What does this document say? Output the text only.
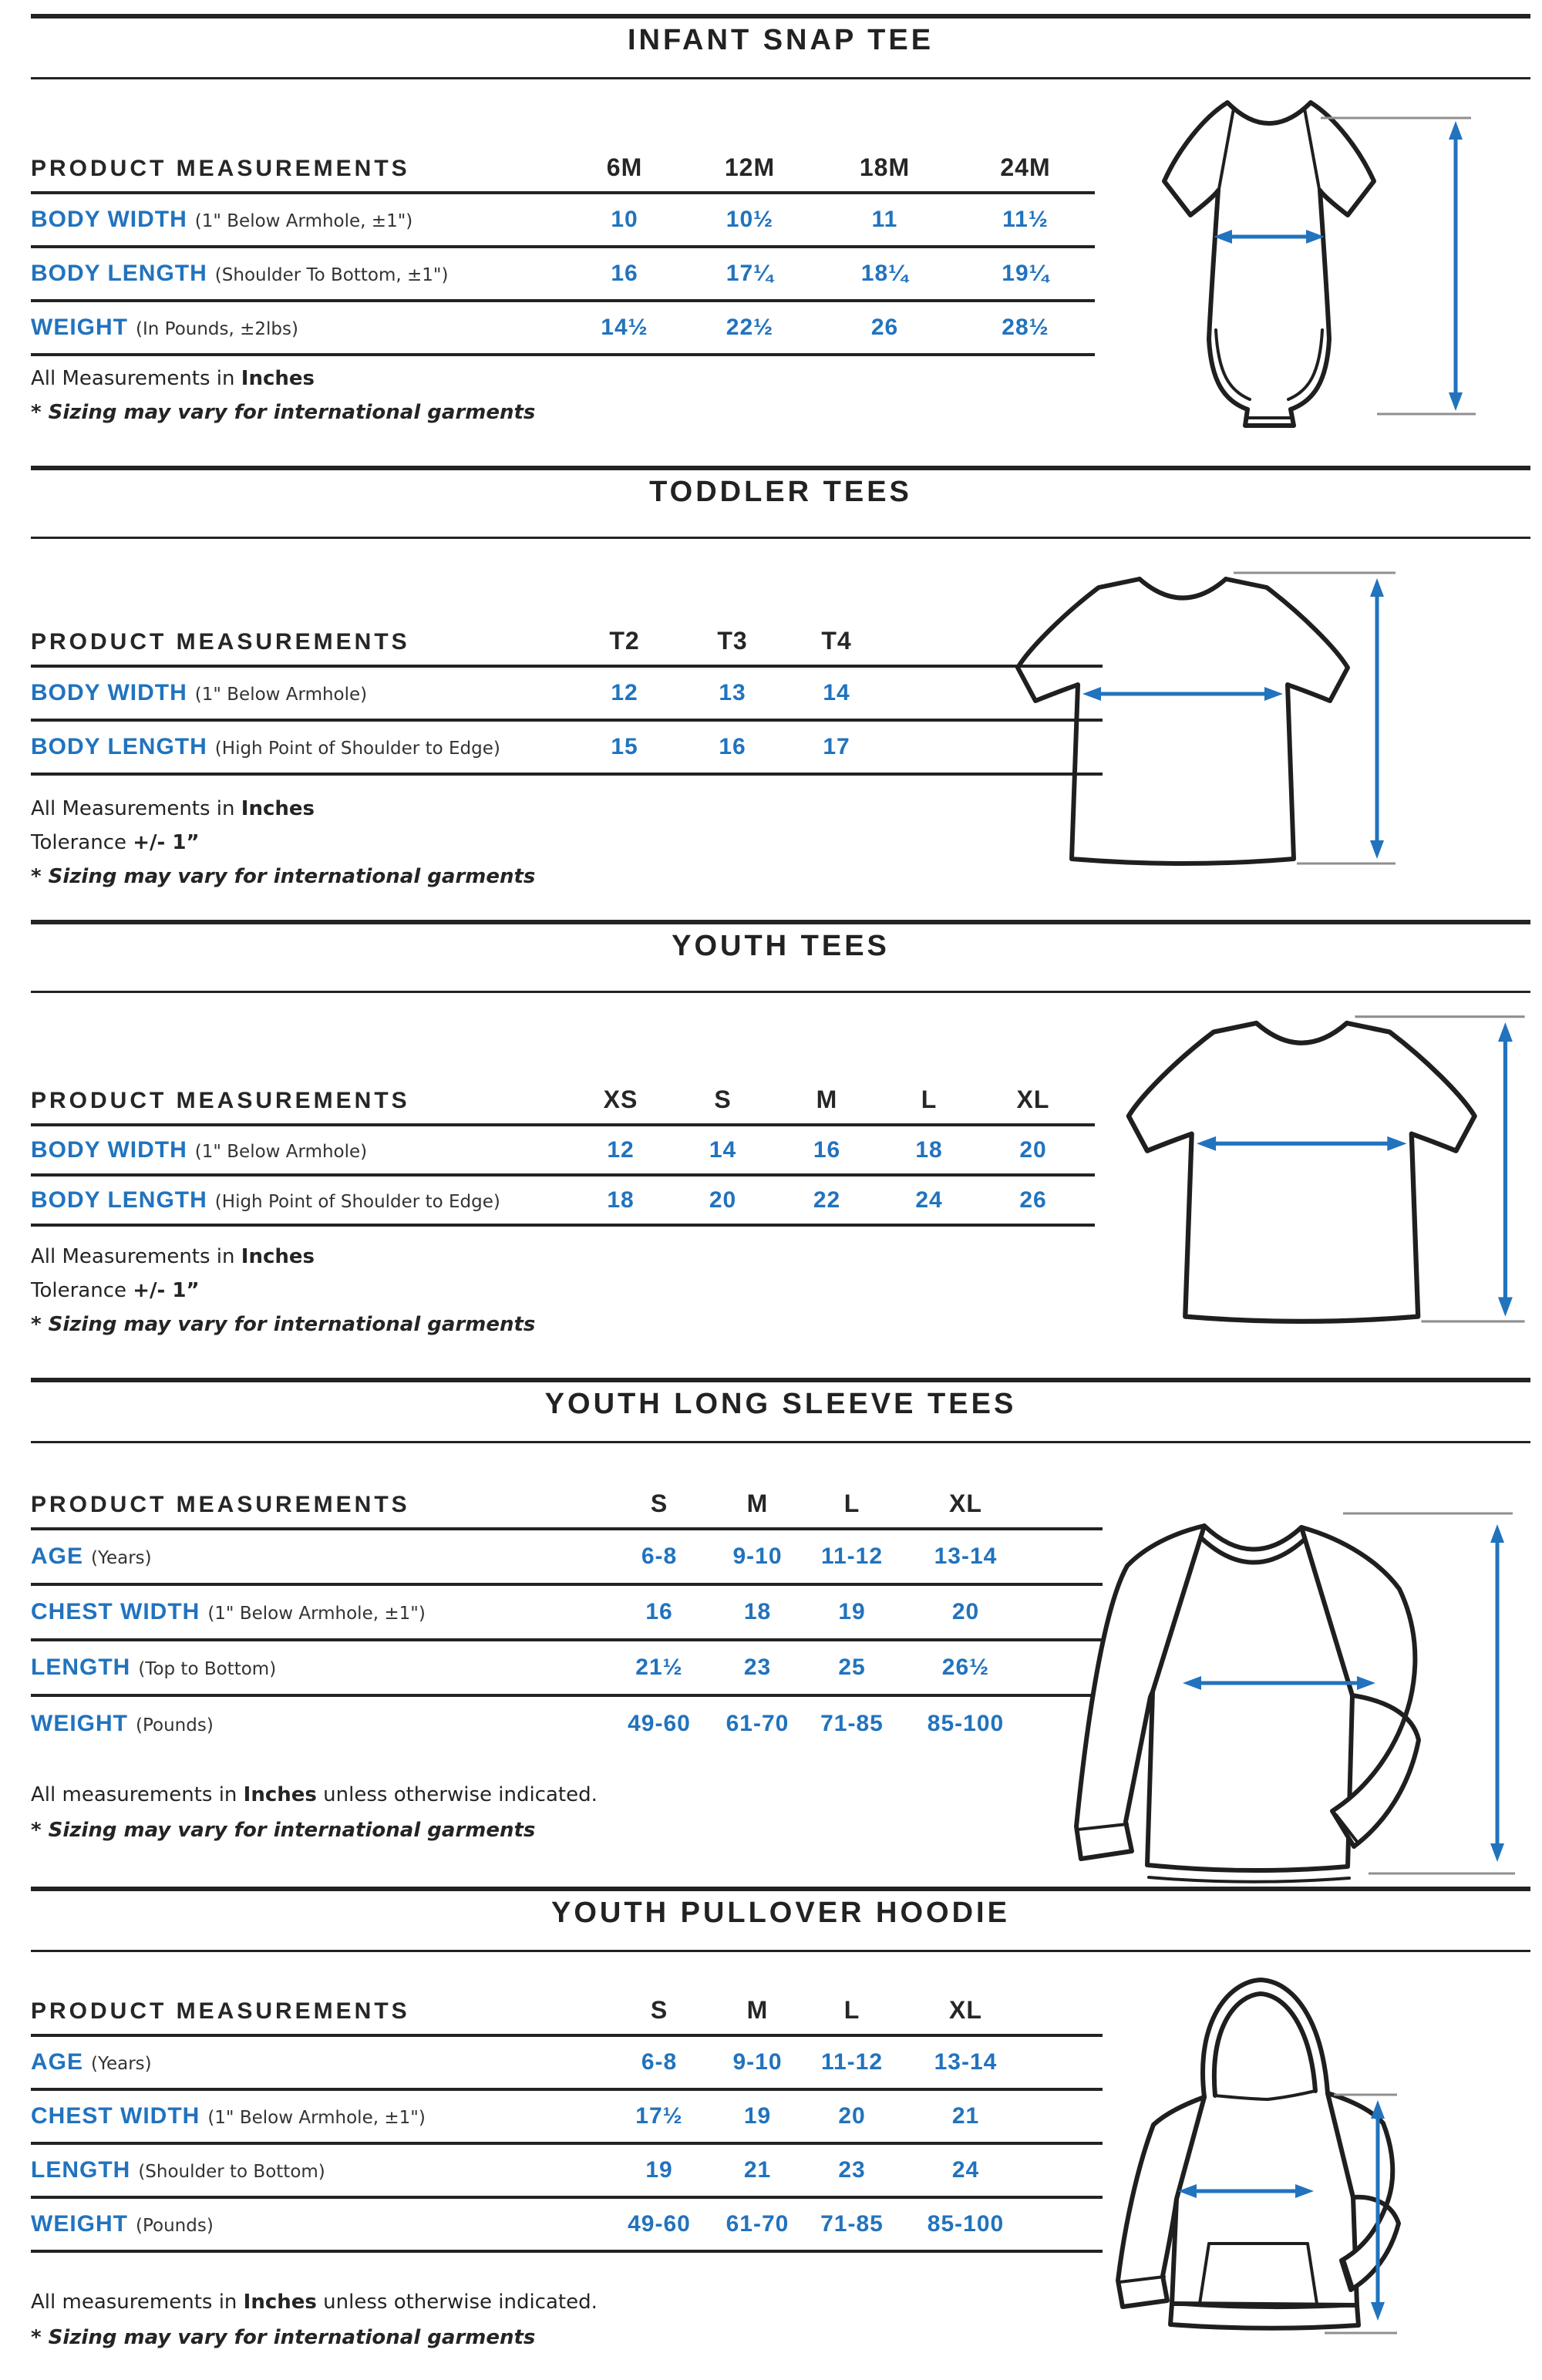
INFANT SNAP TEE
PRODUCT MEASUREMENTS	6M	12M	18M	24M
BODY WIDTH (1" Below Armhole, ±1")	10	10½	11	11½
BODY LENGTH (Shoulder To Bottom, ±1")	16	17¼	18¼	19¼
WEIGHT (In Pounds, ±2lbs)	14½	22½	26	28½
All Measurements in Inches
* Sizing may vary for international garments
TODDLER TEES
PRODUCT MEASUREMENTS	T2	T3	T4	
BODY WIDTH (1" Below Armhole)	12	13	14	
BODY LENGTH (High Point of Shoulder to Edge)	15	16	17	
All Measurements in Inches
Tolerance +/- 1”
* Sizing may vary for international garments
YOUTH TEES
PRODUCT MEASUREMENTS	XS	S	M	L	XL
BODY WIDTH (1" Below Armhole)	12	14	16	18	20
BODY LENGTH (High Point of Shoulder to Edge)	18	20	22	24	26
All Measurements in Inches
Tolerance +/- 1”
* Sizing may vary for international garments
YOUTH LONG SLEEVE TEES
PRODUCT MEASUREMENTS	S	M	L	XL	
AGE (Years)	6-8	9-10	11-12	13-14	
CHEST WIDTH (1" Below Armhole, ±1")	16	18	19	20	
LENGTH (Top to Bottom)	21½	23	25	26½	
WEIGHT (Pounds)	49-60	61-70	71-85	85-100	
All measurements in Inches unless otherwise indicated.
* Sizing may vary for international garments
YOUTH PULLOVER HOODIE
PRODUCT MEASUREMENTS	S	M	L	XL	
AGE (Years)	6-8	9-10	11-12	13-14	
CHEST WIDTH (1" Below Armhole, ±1")	17½	19	20	21	
LENGTH (Shoulder to Bottom)	19	21	23	24	
WEIGHT (Pounds)	49-60	61-70	71-85	85-100	
All measurements in Inches unless otherwise indicated.
* Sizing may vary for international garments
